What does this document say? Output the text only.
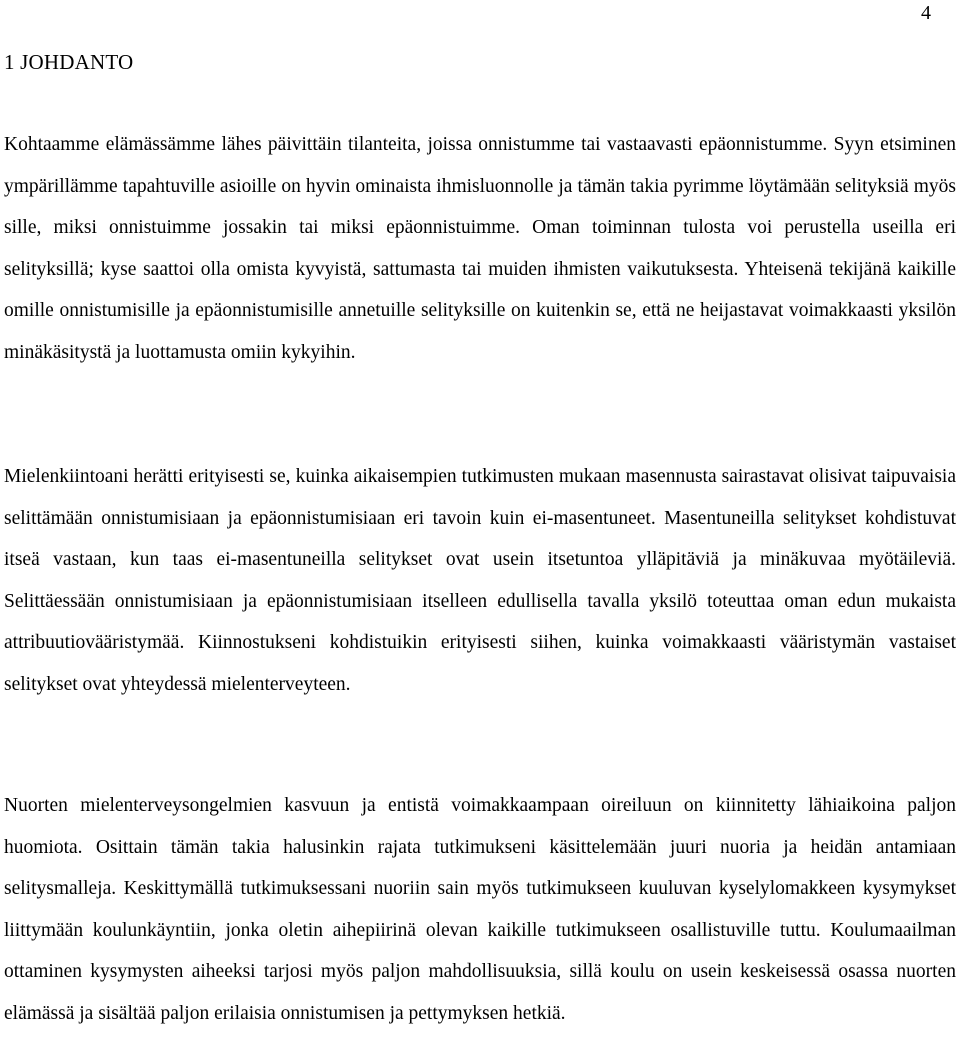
4
1 JOHDANTO

Kohtaamme elämässämme lähes päivittäin tilanteita, joissa onnistumme tai vastaavasti epäonnistumme. Syyn etsiminen ympärillämme tapahtuville asioille on hyvin ominaista ihmisluonnolle ja tämän takia pyrimme löytämään selityksiä myös sille, miksi onnistuimme jossakin tai miksi epäonnistuimme. Oman toiminnan tulosta voi perustella useilla eri selityksillä; kyse saattoi olla omista kyvyistä, sattumasta tai muiden ihmisten vaikutuksesta. Yhteisenä tekijänä kaikille omille onnistumisille ja epäonnistumisille annetuille selityksille on kuitenkin se, että ne heijastavat voimakkaasti yksilön minäkäsitystä ja luottamusta omiin kykyihin.

Mielenkiintoani herätti erityisesti se, kuinka aikaisempien tutkimusten mukaan masennusta sairastavat olisivat taipuvaisia selittämään onnistumisiaan ja epäonnistumisiaan eri tavoin kuin ei-masentuneet. Masentuneilla selitykset kohdistuvat itseä vastaan, kun taas ei-masentuneilla selitykset ovat usein itsetuntoa ylläpitäviä ja minäkuvaa myötäileviä. Selittäessään onnistumisiaan ja epäonnistumisiaan itselleen edullisella tavalla yksilö toteuttaa oman edun mukaista attribuutiovääristymää. Kiinnostukseni kohdistuikin erityisesti siihen, kuinka voimakkaasti vääristymän vastaiset selitykset ovat yhteydessä mielenterveyteen.

Nuorten mielenterveysongelmien kasvuun ja entistä voimakkaampaan oireiluun on kiinnitetty lähiaikoina paljon huomiota. Osittain tämän takia halusinkin rajata tutkimukseni käsittelemään juuri nuoria ja heidän antamiaan selitysmalleja. Keskittymällä tutkimuksessani nuoriin sain myös tutkimukseen kuuluvan kyselylomakkeen kysymykset liittymään koulunkäyntiin, jonka oletin aihepiirinä olevan kaikille tutkimukseen osallistuville tuttu. Koulumaailman ottaminen kysymysten aiheeksi tarjosi myös paljon mahdollisuuksia, sillä koulu on usein keskeisessä osassa nuorten elämässä ja sisältää paljon erilaisia onnistumisen ja pettymyksen hetkiä.
